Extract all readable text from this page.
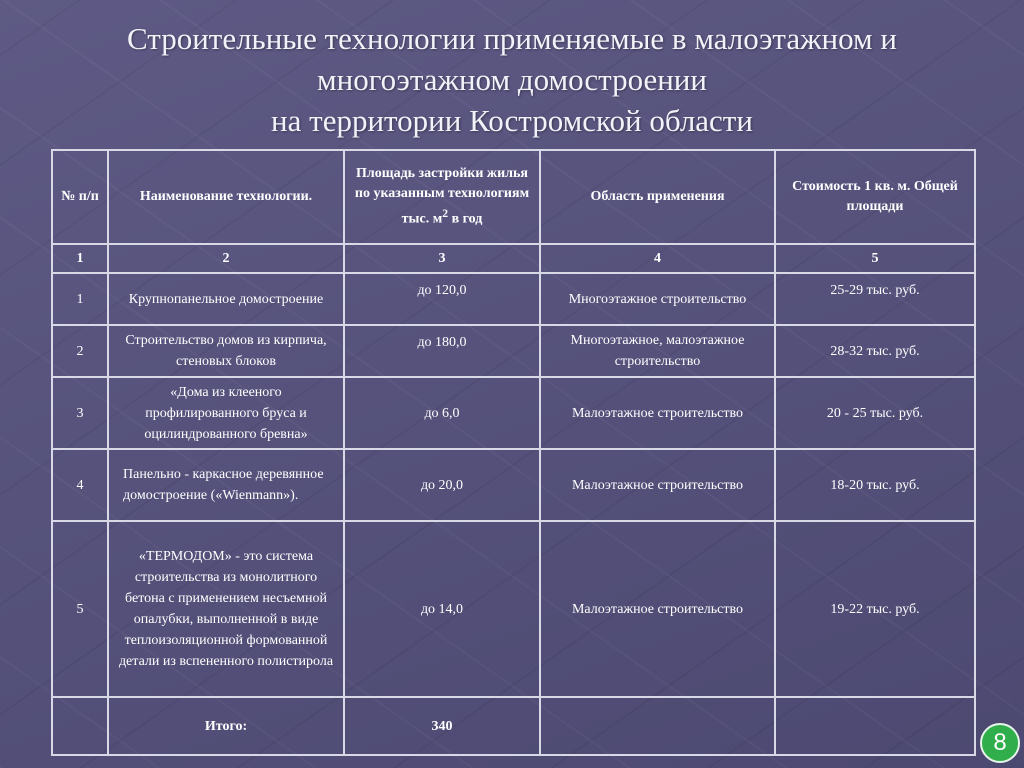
Строительные технологии применяемые в малоэтажном и
многоэтажном домостроении
на территории Костромской области
№ п/п	Наименование технологии.	Площадь застройки жилья по указанным технологиям
тыс. $м^2$ в год	Область применения	Стоимость 1 кв. м. Общей площади
1	2	3	4	5
1	Крупнопанельное домостроение	до 120,0	Многоэтажное строительство	25-29 тыс. руб.
2	Строительство домов из кирпича, стеновых блоков	до 180,0	Многоэтажное, малоэтажное строительство	28-32 тыс. руб.
3	«Дома из клееного профилированного бруса и оцилиндрованного бревна»	до 6,0	Малоэтажное строительство	20 - 25 тыс. руб.
4	Панельно - каркасное деревянное домостроение («Wienmann»).	до 20,0	Малоэтажное строительство	18-20 тыс. руб.
5	«ТЕРМОДОМ» - это система строительства из монолитного бетона с применением несъемной опалубки, выполненной в виде теплоизоляционной формованной детали из вспененного полистирола	до 14,0	Малоэтажное строительство	19-22 тыс. руб.
	Итого:	340		
8
